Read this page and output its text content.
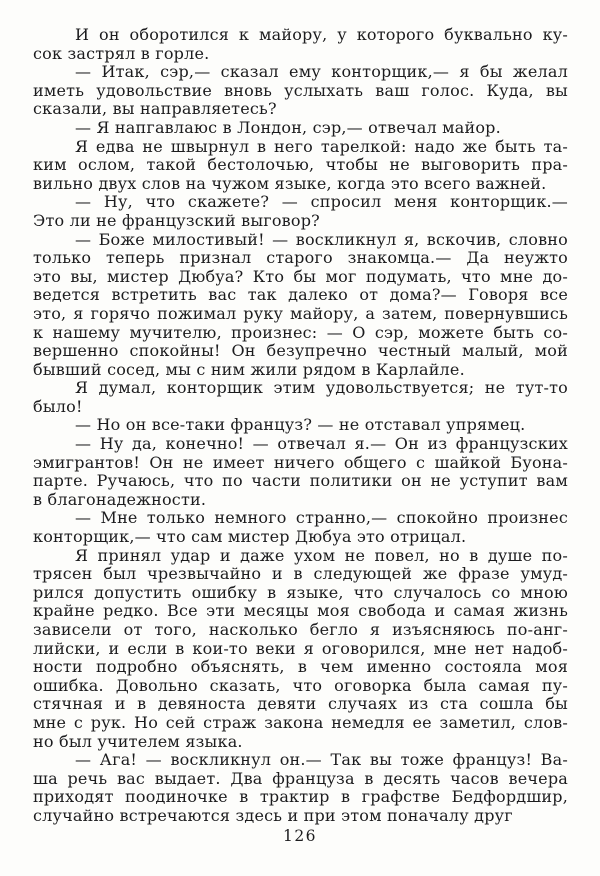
И он оборотился к майору, у которого буквально ку-
сок застрял в горле.
— Итак, сэр,— сказал ему конторщик,— я бы желал
иметь удовольствие вновь услыхать ваш голос. Куда, вы
сказали, вы направляетесь?
— Я напгавлаюс в Лондон, сэр,— отвечал майор.
Я едва не швырнул в него тарелкой: надо же быть та-
ким ослом, такой бестолочью, чтобы не выговорить пра-
вильно двух слов на чужом языке, когда это всего важней.
— Ну, что скажете? — спросил меня конторщик.—
Это ли не французский выговор?
— Боже милостивый! — воскликнул я, вскочив, словно
только теперь признал старого знакомца.— Да неужто
это вы, мистер Дюбуа? Кто бы мог подумать, что мне до-
ведется встретить вас так далеко от дома?— Говоря все
это, я горячо пожимал руку майору, а затем, повернувшись
к нашему мучителю, произнес: — О сэр, можете быть со-
вершенно спокойны! Он безупречно честный малый, мой
бывший сосед, мы с ним жили рядом в Карлайле.
Я думал, конторщик этим удовольствуется; не тут-то
было!
— Но он все-таки француз? — не отставал упрямец.
— Ну да, конечно! — отвечал я.— Он из французских
эмигрантов! Он не имеет ничего общего с шайкой Буона-
парте. Ручаюсь, что по части политики он не уступит вам
в благонадежности.
— Мне только немного странно,— спокойно произнес
конторщик,— что сам мистер Дюбуа это отрицал.
Я принял удар и даже ухом не повел, но в душе по-
трясен был чрезвычайно и в следующей же фразе умуд-
рился допустить ошибку в языке, что случалось со мною
крайне редко. Все эти месяцы моя свобода и самая жизнь
зависели от того, насколько бегло я изъясняюсь по-анг-
лийски, и если в кои-то веки я оговорился, мне нет надоб-
ности подробно объяснять, в чем именно состояла моя
ошибка. Довольно сказать, что оговорка была самая пу-
стячная и в девяноста девяти случаях из ста сошла бы
мне с рук. Но сей страж закона немедля ее заметил, слов-
но был учителем языка.
— Ага! — воскликнул он.— Так вы тоже француз! Ва-
ша речь вас выдает. Два француза в десять часов вечера
приходят поодиночке в трактир в графстве Бедфордшир,
случайно встречаются здесь и при этом поначалу друг
126
